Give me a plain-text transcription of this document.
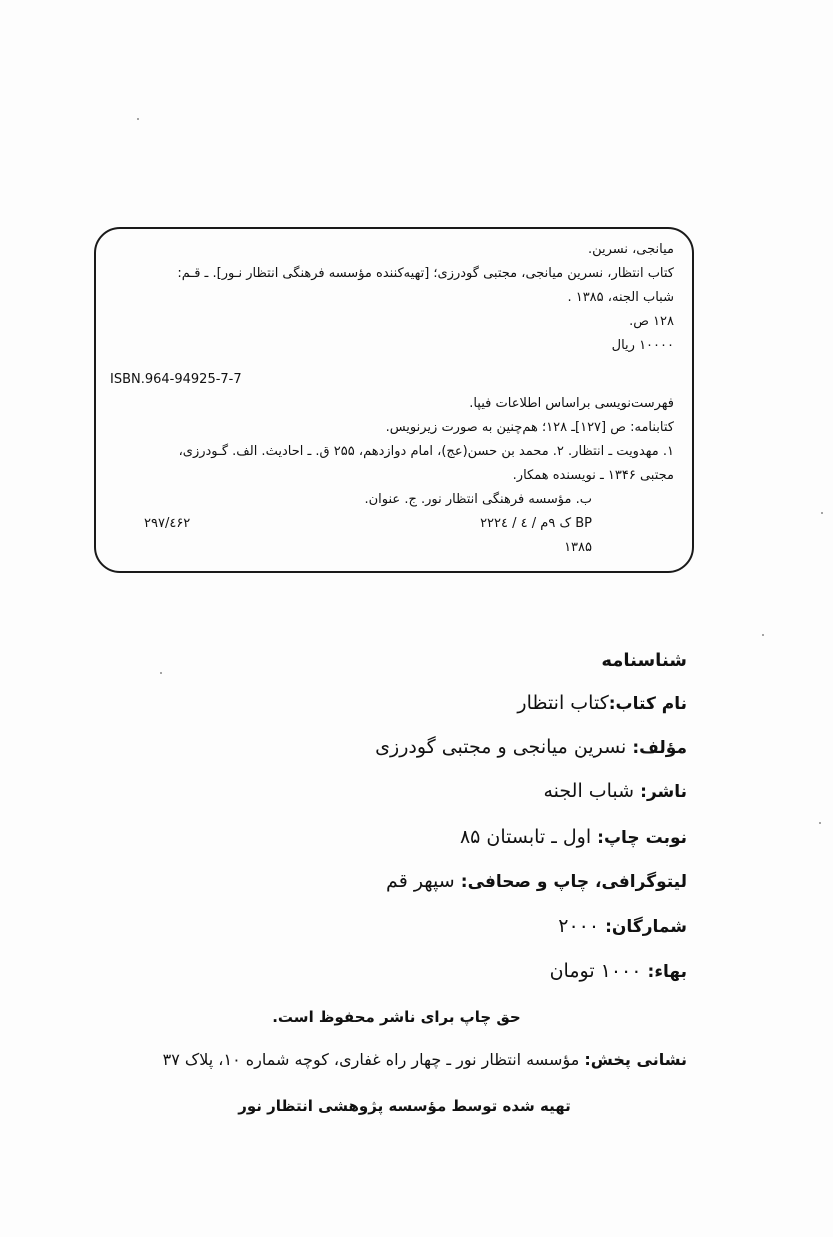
میانجی، نسرین.
کتاب انتظار، نسرین میانجی، مجتبی گودرزی؛ [تهیه‌کننده مؤسسه فرهنگی انتظار نـور]. ـ قـم:
شباب الجنه، ۱۳۸۵ .
۱۲۸ ص.
۱۰۰۰۰ ریال
ISBN.964-94925-7-7
فهرست‌نویسی براساس اطلاعات فیپا.
کتابنامه: ص [۱۲۷]ـ ۱۲۸؛ هم‌چنین به صورت زیرنویس.
۱. مهدویت ـ انتظار. ۲. محمد بن حسن(عج)، امام دوازدهم، ۲۵۵ ق. ـ احادیث. الف. گـودرزی،
مجتبی ۱۳۴۶ ـ نویسنده همکار.
ب. مؤسسه فرهنگی انتظار نور. ج. عنوان.
۲ک ۹م / ٤ / ۲۲٤ BP
۲۹۷/٤۶۲
۱۳۸۵
شناسنامه
نام کتاب:کتاب انتظار
مؤلف: نسرین میانجی و مجتبی گودرزی
ناشر: شباب الجنه
نوبت چاپ: اول ـ تابستان ۸۵
لیتوگرافی، چاپ و صحافی: سپهر قم
شمارگان: ۲۰۰۰
بهاء: ۱۰۰۰ تومان
حق چاپ برای ناشر محفوظ است.
نشانی پخش: مؤسسه انتظار نور ـ چهار راه غفاری، کوچه شماره ۱۰، پلاک ۳۷
تهیه شده توسط مؤسسه پژوهشی انتظار نور
